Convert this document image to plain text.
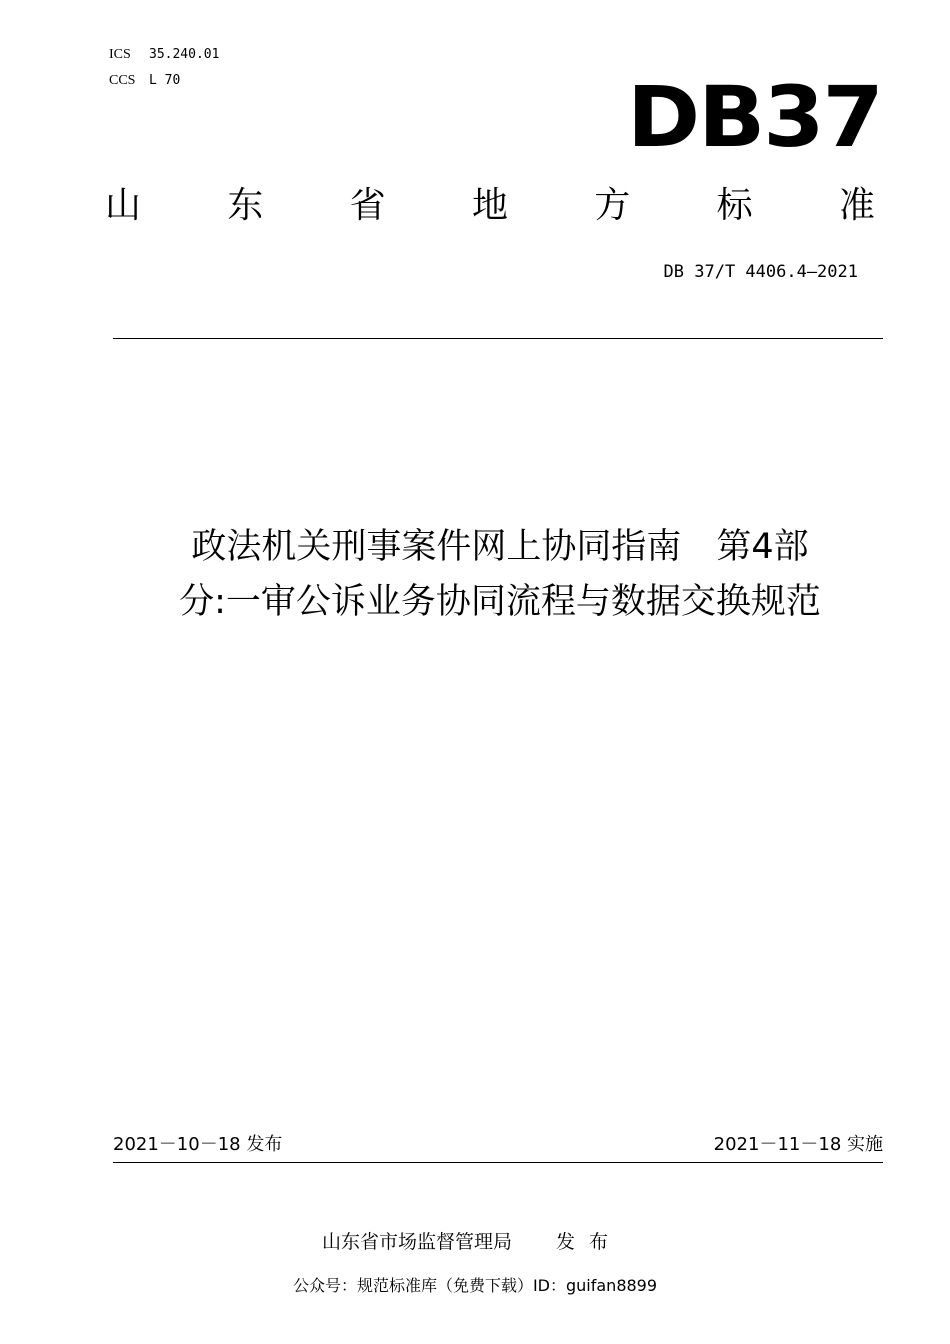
ICS 35.240.01
CCS L 70	DB37
山 东 省 地 方 标 准
DB 37/T 4406.4—2021
政法机关刑事案件网上协同指南　第4部
分:一审公诉业务协同流程与数据交换规范
2021－10－18 发布	2021－11－18 实施
山东省市场监督管理局 发布
公众号：规范标准库（免费下载）ID：guifan8899
